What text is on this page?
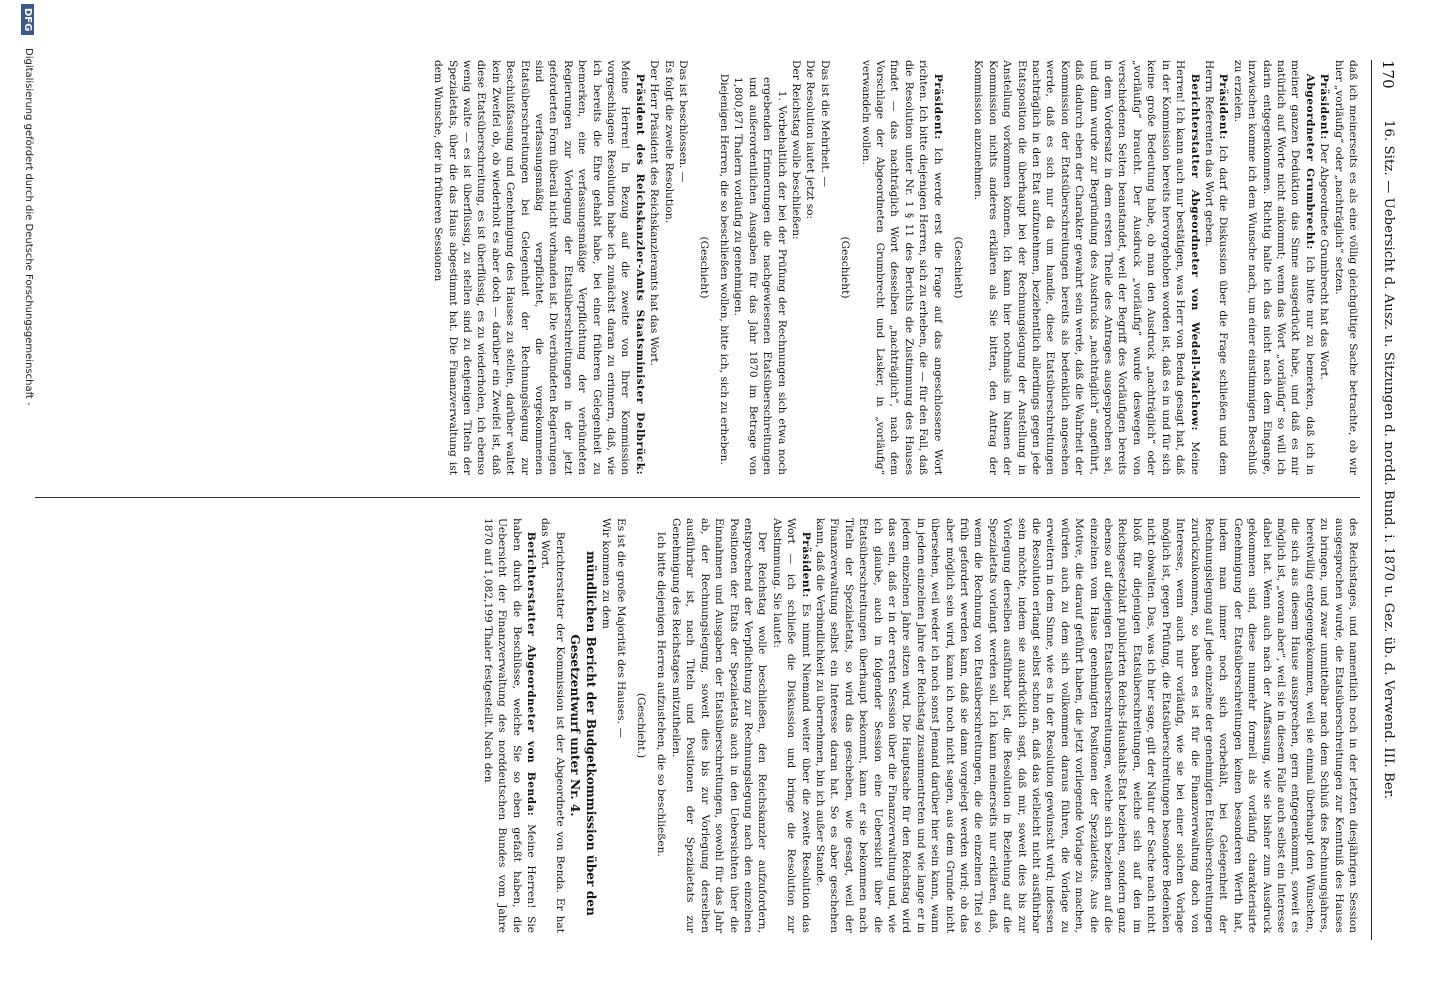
170
16. Sitz. — Uebersicht d. Ausz. u. Sitzungen d. nordd. Bund. i. 1870 u. Gez. üb. d. Verwend. III. Ber.

daß ich meinerseits es als eine völlig gleichgültige Sache betrachte, ob wir hier „vorläufig“ oder „nachträglich“ setzen.

Präsident: Der Abgeordnete Grumbrecht hat das Wort.

Abgeordneter Grumbrecht: Ich bitte nur zu bemerken, daß ich in meiner ganzen Deduktion das Sinne ausgedrückt habe, und daß es mir natürlich auf Worte nicht ankommt; wenn das Wort „vorläufig“ so will ich darin entgegenkommen. Richtig halte ich das nicht nach dem Eingange, inzwischen komme ich dem Wunsche nach, um einer einstimmigen Beschluß zu erzielen.

Präsident: Ich darf die Diskussion über die Frage schließen und dem Herrn Referenten das Wort geben.

Berichterstatter Abgeordneter von Wedell-Malchow: Meine Herren! Ich kann auch nur bestätigen, was Herr von Benda gesagt hat, daß in der Kommission bereits hervorgehoben worden ist, daß es in und für sich keine große Bedeutung habe, ob man den Ausdruck „nachträglich“ oder „vorläufig“ braucht. Der Ausdruck „vorläufig“ wurde deswegen von verschiedenen Seiten beanstandet, weil der Begriff des Vorläufigen bereits in dem Vordersatz in dem ersten Theile des Antrages ausgesprochen sei, und dann wurde zur Begründung des Ausdrucks „nachträglich“ angeführt, daß dadurch eben der Charakter gewahrt sein werde, daß die Wahrheit der Kommission der Etatsüberschreitungen bereits als bedenklich angesehen werde, daß es sich nur da um handle, diese Etatsüberschreitungen nachträglich in den Etat aufzunehmen, beziehentlich allerdings gegen jede Etatsposition die überhaupt bei der Rechnungslegung der Anstellung in Anstellung vorkommen können. Ich kann hier nochmals im Namen der Kommission nichts anderes erklären als Sie bitten, den Antrag der Kommission anzunehmen.

(Geschieht)

Präsident: Ich werde erst die Frage auf das angeschlossene Wort richten. Ich bitte diejenigen Herren, sich zu erheben, die — für den Fall, daß die Resolution unter Nr. 1 § 11 des Berichts die Zustimmung des Hauses findet — das nachträglich Wort desselben „nachträglich“, nach dem Vorschlage der Abgeordneten Grumbrecht und Lasker, in „vorläufig“ verwandeln wollen.

(Geschieht)

Das ist die Mehrheit. —

Die Resolution lautet jetzt so:

Der Reichstag wolle beschließen:

1. Vorbehaltlich der bei der Prüfung der Rechnungen sich etwa noch ergebenden Erinnerungen die nachgewiesenen Etatsüberschreitungen und außerordentlichen Ausgaben für das Jahr 1870 im Betrage von 1,800,871 Thalern vorläufig zu genehmigen.

Diejenigen Herren, die so beschließen wollen, bitte ich, sich zu erheben.

(Geschieht)

Das ist beschlossen. —

Es folgt die zweite Resolution.

Der Herr Präsident des Reichskanzleramts hat das Wort.

Präsident des Reichskanzler-Amts Staatsminister Delbrück: Meine Herren! In Bezug auf die zweite von Ihrer Kommission vorgeschlagene Resolution habe ich zunächst daran zu erinnern, daß, wie ich bereits die Ehre gehabt habe, bei einer früheren Gelegenheit zu bemerken, eine verfassungsmäßige Verpflichtung der verbündeten Regierungen zur Vorlegung der Etatsüberschreitungen in der jetzt geforderten Form überall nicht vorhanden ist. Die verbündeten Regierungen sind verfassungsmäßig verpflichtet, die vorgekommenen Etatsüberschreitungen bei Gelegenheit der Rechnungslegung zur Beschlußfassung und Genehmigung des Hauses zu stellen, darüber waltet kein Zweifel ob, ob wiederholt es aber doch — darüber ein Zweifel ist, daß diese Etatsüberschreitung, es ist überflüssig, es zu wiederholen, ich ebenso wenig walte — es ist überflüssig, zu stellen sind zu denjenigen Titeln der Spezialetats, über die das Haus abgestimmt hat. Die Finanzverwaltung ist dem Wunsche, der in früheren Sessionen

des Reichstages, und namentlich noch in der letzten diesjährigen Session ausgesprochen wurde, die Etatsüberschreitungen zur Kenntniß des Hauses zu bringen, und zwar unmittelbar nach dem Schluß des Rechnungsjahres, bereitwillig entgegengekommen, weil sie einmal überhaupt den Wünschen, die sich aus diesem Hause aussprechen, gern entgegenkommt, soweit es möglich ist, „woran aber“, weil sie in diesem Falle auch selbst ein Interesse dabei hat. Wenn auch nach der Auffassung, wie sie bisher zum Ausdruck gekommen sind, diese nunmehr formell als vorläufig charakterisirte Genehmigung der Etatsüberschreitungen keinen besonderen Werth hat, indem man immer noch sich vorbehält, bei Gelegenheit der Rechnungslegung auf jede einzelne der genehmigten Etatsüberschreitungen zurückzukommen, so haben es ist für die Finanzverwaltung doch von Interesse, wenn auch nur vorläufig, wie sie bei einer solchen Vorlage möglich ist, gegen Prüfung, die Etatsüberschreitungen besondere Bedenken nicht obwalten. Das, was ich hier sage, gilt der Natur der Sache nach nicht bloß für diejenigen Etatsüberschreitungen, welche sich auf den im Reichsgesetzblatt publicirten Reichs-Haushalts-Etat beziehen, sondern ganz ebenso auf diejenigen Etatsüberschreitungen, welche sich beziehen auf die einzelnen vom Hause genehmigten Positionen der Spezialetats. Aus die Motive, die darauf geführt haben, die jetzt vorliegende Vorlage zu machen, würden auch zu dem sich vollkommen daraus führen, die Vorlage zu erweitern in dem Sinne, wie es in der Resolution gewünscht wird; indessen die Resolution erlangt selbst schon an, daß das vielleicht nicht ausführbar sein möchte, indem sie ausdrücklich sagt, daß mir, soweit dies bis zur Vorlegung derselben ausführbar ist, die Resolution in Beziehung auf die Spezialetats vorlangt werden soll. Ich kann meinerseits nur erklären, daß, wenn die Rechnung von Etatsüberschreitungen, die die einzelnen Titel so früh gefordert werden kann, daß sie dann vorgelegt werden wird; ob das aber möglich sein wird, kann ich noch nicht sagen, aus dem Grunde nicht übersehen, weil weder ich noch sonst Jemand darüber hier sein kann, wann in jedem einzelnen Jahre der Reichstag zusammentreten und wie lange er in jedem einzelnen Jahre sitzen wird. Die Hauptsache für den Reichstag wird das sein, daß er in der ersten Session über die Finanzverwaltung und, wie ich glaube, auch in folgender Session eine Uebersicht über die Etatsüberschreitungen überhaupt bekommt, kann er sie bekommen nach Titeln der Spezialetats, so wird das gescheben, wie gesagt, weil der Finanzverwaltung selbst ein Interesse daran hat. So es aber geschehen kann, daß die Verbindlichkeit zu übernehmen, bin ich außer Stande.

Präsident: Es nimmt Niemand weiter über die zweite Resolution das Wort — ich schließe die Diskussion und bringe die Resolution zur Abstimmung. Sie lautet:

Der Reichstag wolle beschließen, den Reichskanzler aufzufordern, entsprechend der Verpflichtung zur Rechnungslegung nach den einzelnen Positionen der Etats der Spezialetats auch in den Uebersichten über die Einnahmen und Ausgaben der Etatsüberschreitungen, sowohl für das Jahr ab, der Rechnungslegung, soweit dies bis zur Vorlegung derselben ausführbar ist, nach Titeln und Positionen der Spezialetats zur Genehmigung des Reichstages mitzutheilen.

Ich bitte diejenigen Herren aufzustehen, die so beschließen.

(Geschieht.)

Es ist die große Majorität des Hauses. —

Wir kommen zu dem

mündlichen Bericht der Budgetkommission über den Gesetzentwurf unter Nr. 4.

Berichterstatter der Kommission ist der Abgeordnete von Benda. Er hat das Wort.

Berichterstatter Abgeordneter von Benda: Meine Herren! Sie haben durch die Beschlüsse, welche Sie so eben gefaßt haben, die Uebersicht der Finanzverwaltung des norddeutschen Bundes vom Jahre 1870 auf 1,082,199 Thaler festgestellt. Nach den

DFG
Digitalisierung gefördert durch die Deutsche Forschungsgemeinschaft -
